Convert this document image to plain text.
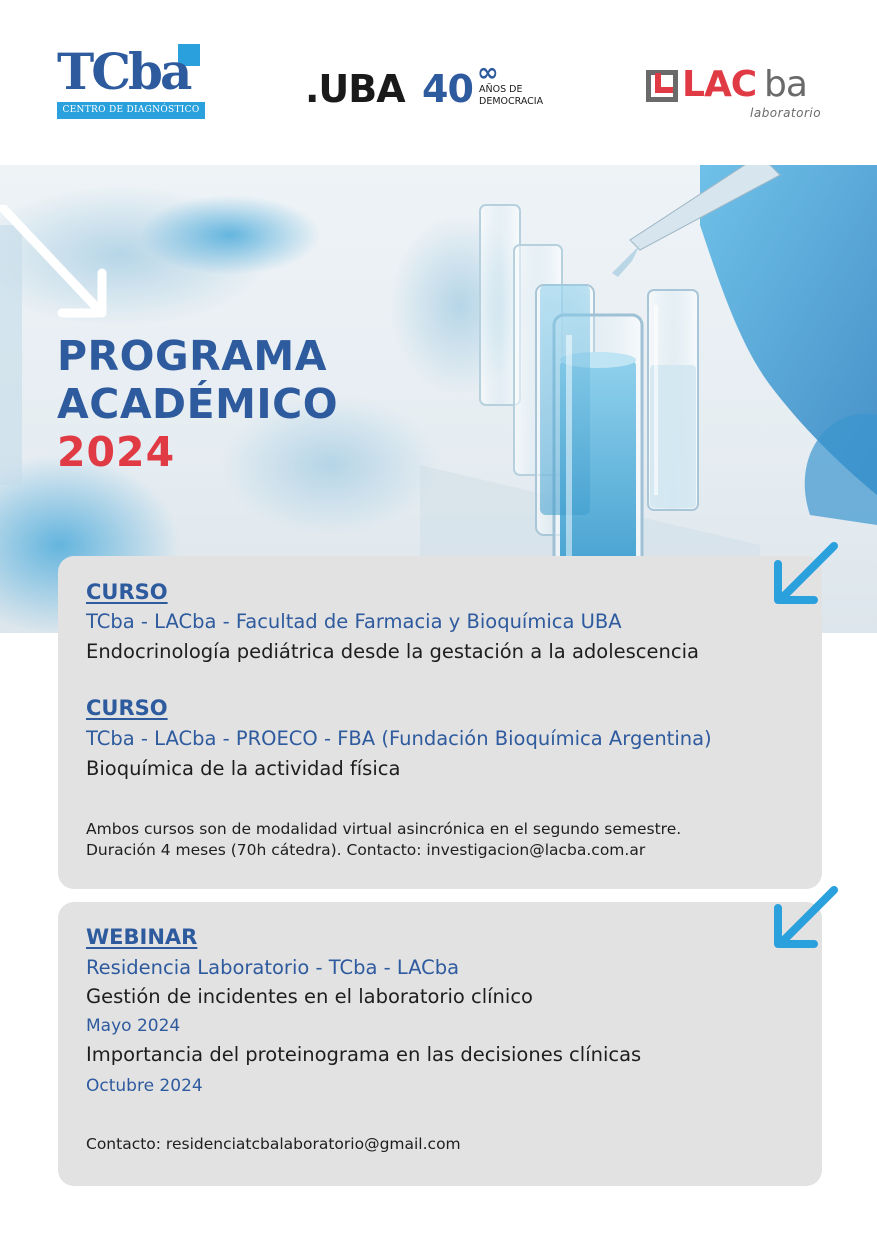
TCba
CENTRO DE DIAGNÓSTICO	.UBA 40 ∞
AÑOS DE
DEMOCRACIA	LAC ba
laboratorio
PROGRAMA
ACADÉMICO
2024
CURSO
TCba - LACba - Facultad de Farmacia y Bioquímica UBA
Endocrinología pediátrica desde la gestación a la adolescencia
CURSO
TCba - LACba - PROECO - FBA (Fundación Bioquímica Argentina)
Bioquímica de la actividad física
Ambos cursos son de modalidad virtual asincrónica en el segundo semestre.
Duración 4 meses (70h cátedra). Contacto: investigacion@lacba.com.ar
WEBINAR
Residencia Laboratorio - TCba - LACba
Gestión de incidentes en el laboratorio clínico
Mayo 2024
Importancia del proteinograma en las decisiones clínicas
Octubre 2024
Contacto: residenciatcbalaboratorio@gmail.com
